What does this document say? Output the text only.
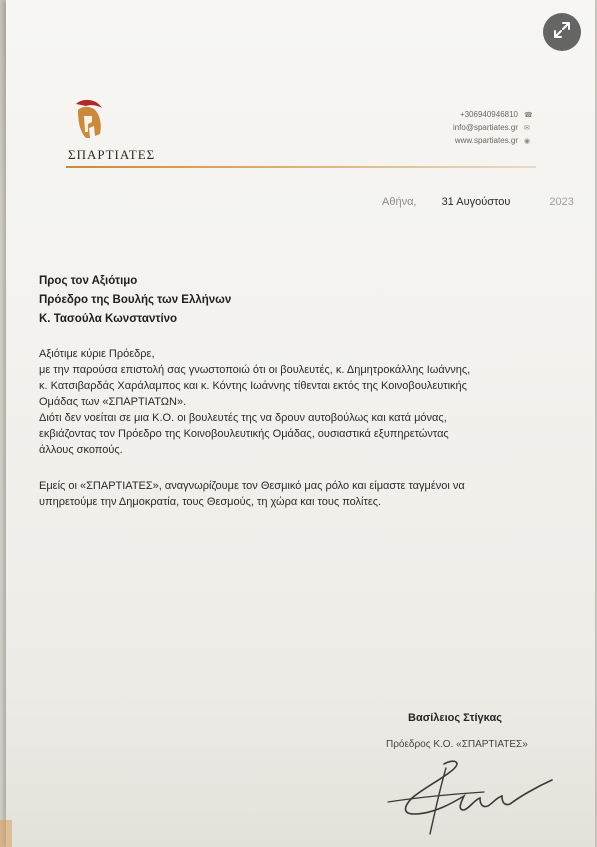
ΣΠΑΡΤΙΑΤΕΣ
+306940946810
info@spartiates.gr
www.spartiates.gr
☎
✉
◉
Αθήνα, 31 Αυγούστου	2023
Προς τον Αξιότιμο
Πρόεδρο της Βουλής των Ελλήνων
Κ. Τασούλα Κωνσταντίνο

Αξιότιμε κύριε Πρόεδρε,

με την παρούσα επιστολή σας γνωστοποιώ ότι οι βουλευτές, κ. Δημητροκάλλης Ιωάννης,

κ. Κατσιβαρδάς Χαράλαμπος και κ. Κόντης Ιωάννης τίθενται εκτός της Κοινοβουλευτικής

Ομάδας των «ΣΠΑΡΤΙΑΤΩΝ».

Διότι δεν νοείται σε μια Κ.Ο. οι βουλευτές της να δρουν αυτοβούλως και κατά μόνας,

εκβιάζοντας τον Πρόεδρο της Κοινοβουλευτικής Ομάδας, ουσιαστικά εξυπηρετώντας

άλλους σκοπούς.

Εμείς οι «ΣΠΑΡΤΙΑΤΕΣ», αναγνωρίζουμε τον Θεσμικό μας ρόλο και είμαστε ταγμένοι να

υπηρετούμε την Δημοκρατία, τους Θεσμούς, τη χώρα και τους πολίτες.

Βασίλειος Στίγκας
Πρόεδρος Κ.Ο. «ΣΠΑΡΤΙΑΤΕΣ»
